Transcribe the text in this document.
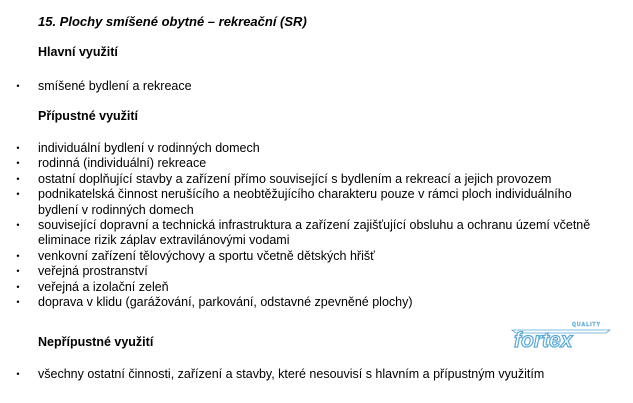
15. Plochy smíšené obytné – rekreační (SR)
Hlavní využití
• smíšené bydlení a rekreace
Přípustné využití
• individuální bydlení v rodinných domech
• rodinná (individuální) rekreace
• ostatní doplňující stavby a zařízení přímo související s bydlením a rekreací a jejich provozem
• podnikatelská činnost nerušícího a neobtěžujícího charakteru pouze v rámci ploch individuálního bydlení v rodinných domech
• související dopravní a technická infrastruktura a zařízení zajišťující obsluhu a ochranu území včetně eliminace rizik záplav extravilánovými vodami
• venkovní zařízení tělovýchovy a sportu včetně dětských hřišť
• veřejná prostranství
• veřejná a izolační zeleň
• doprava v klidu (garážování, parkování, odstavné zpevněné plochy)
Nepřípustné využití
• všechny ostatní činnosti, zařízení a stavby, které nesouvisí s hlavním a přípustným využitím
QUALITY
fortex
